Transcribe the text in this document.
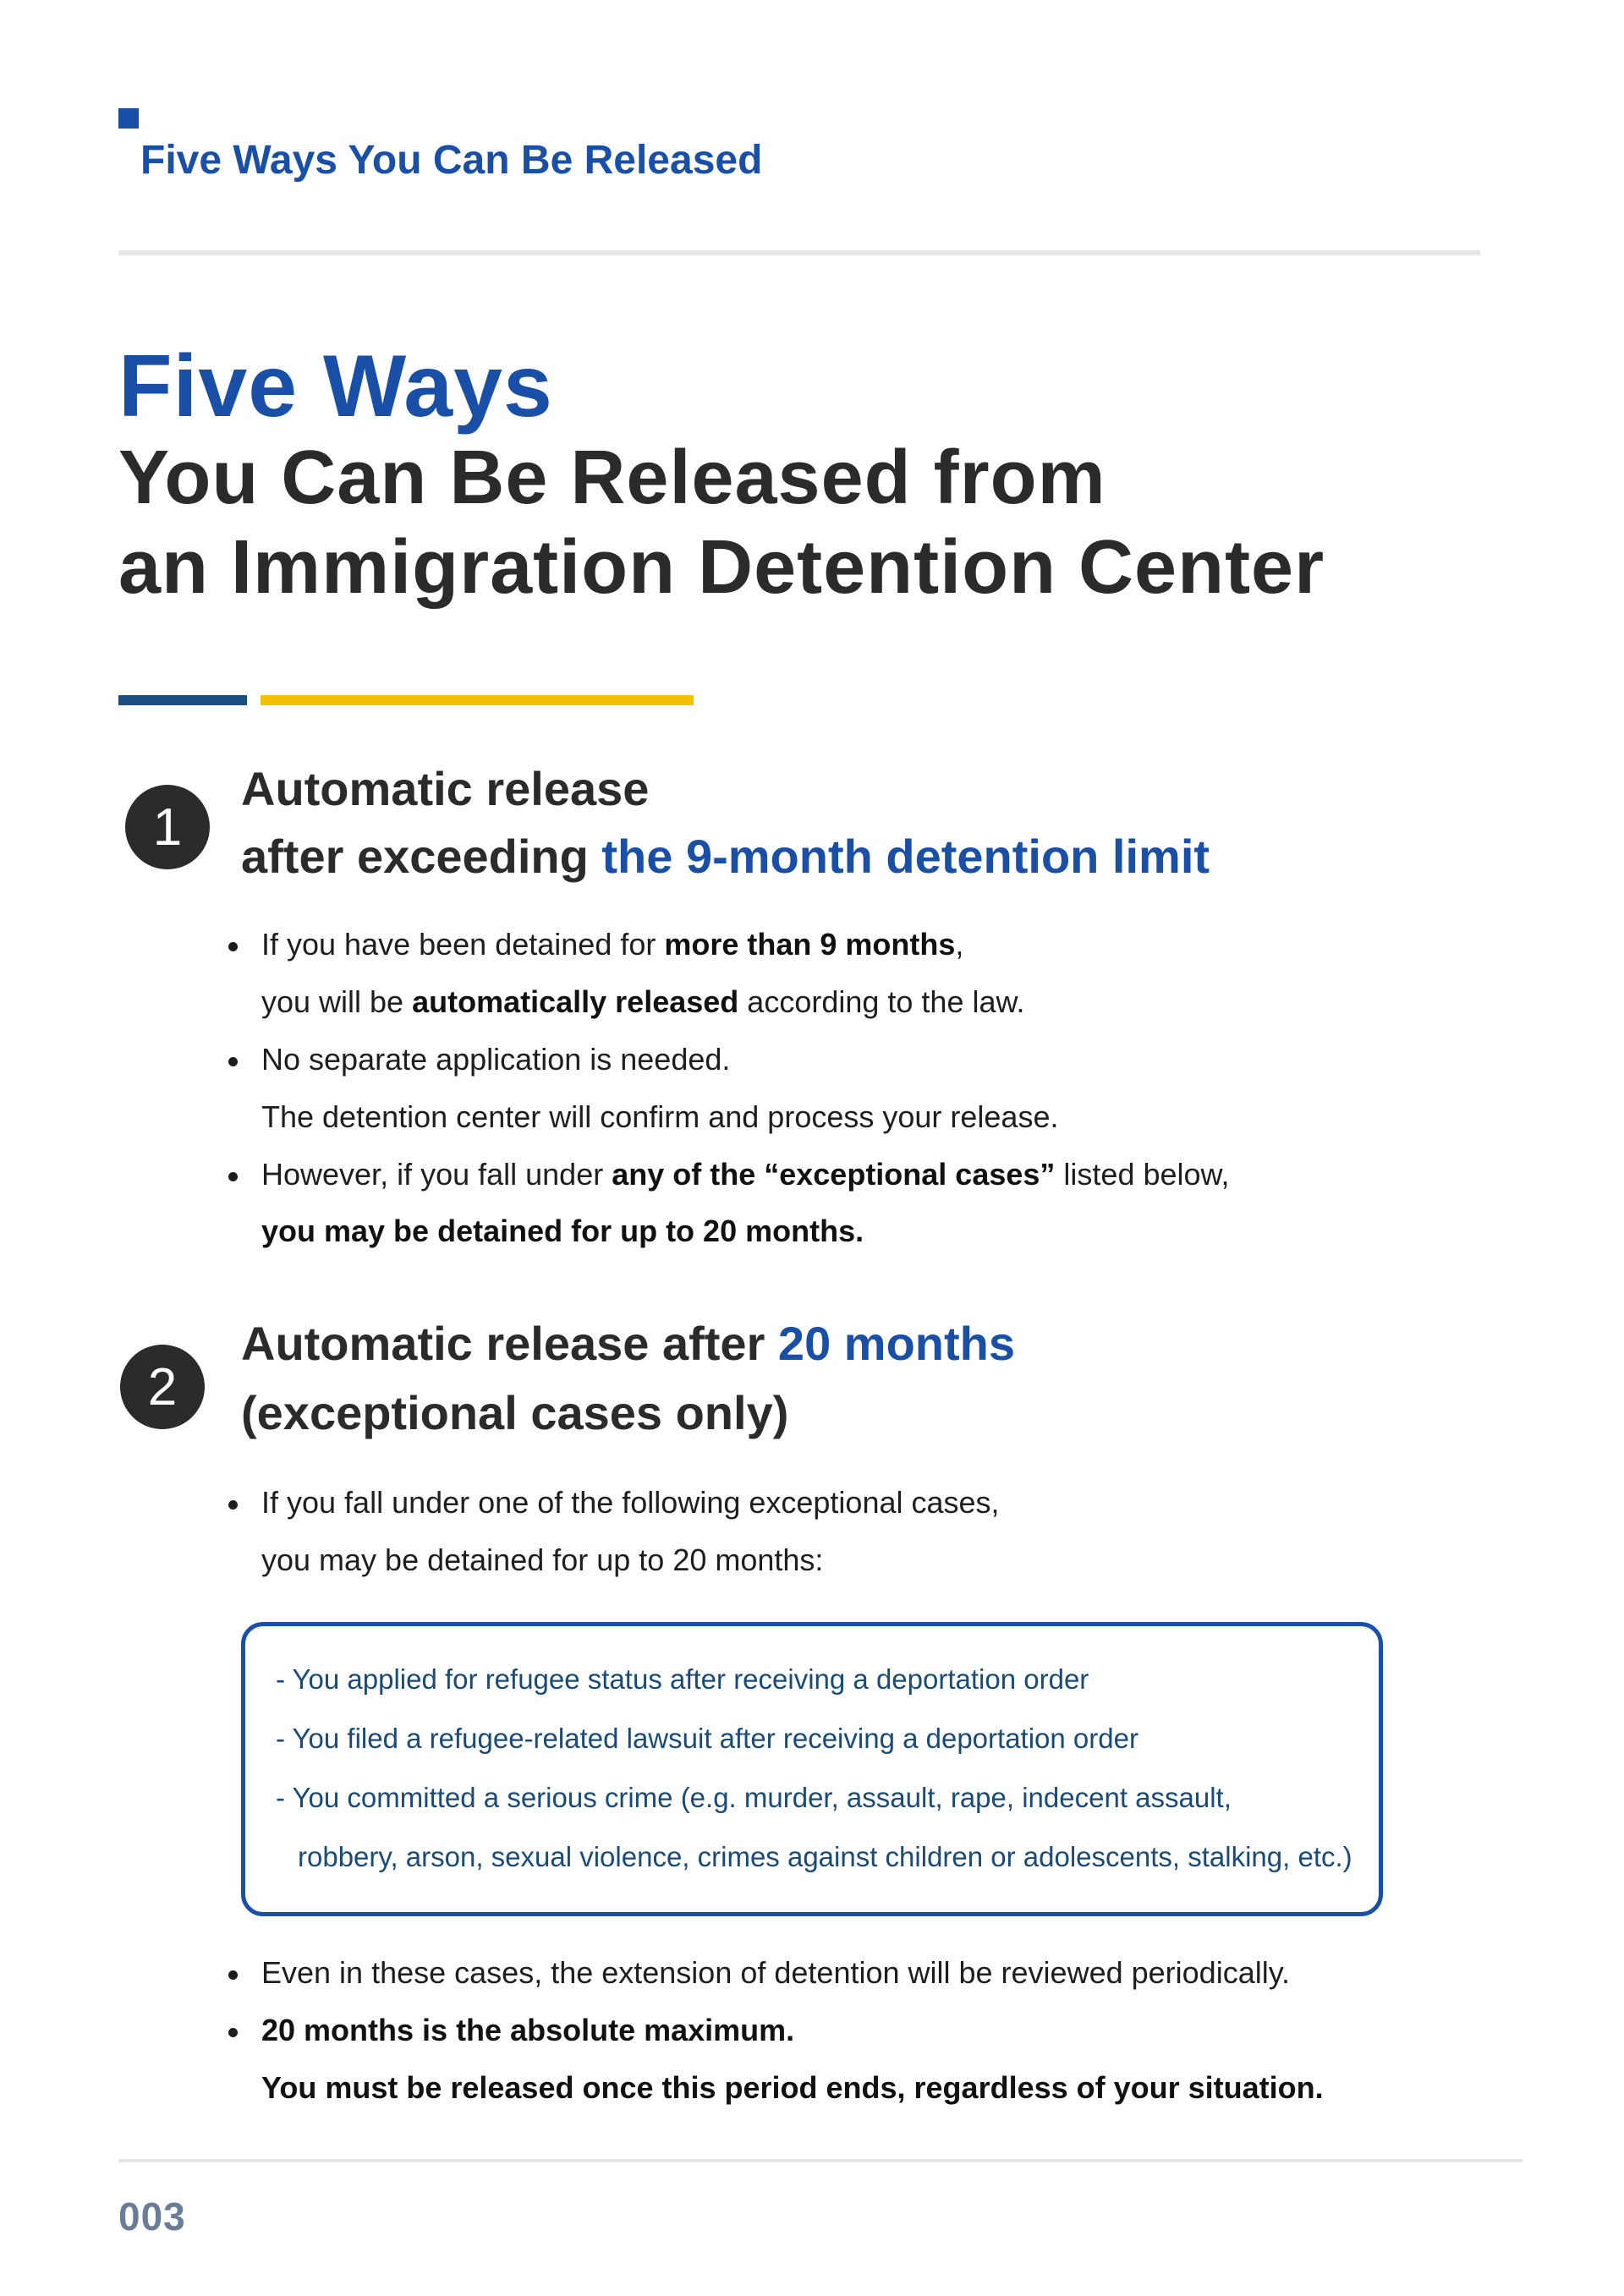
Five Ways You Can Be Released
Five Ways
You Can Be Released from
an Immigration Detention Center
1
Automatic release
after exceeding the 9-month detention limit
If you have been detained for more than 9 months,
you will be automatically released according to the law.
No separate application is needed.
The detention center will confirm and process your release.
However, if you fall under any of the “exceptional cases” listed below,
you may be detained for up to 20 months.
2
Automatic release after 20 months
(exceptional cases only)
If you fall under one of the following exceptional cases,
you may be detained for up to 20 months:
- You applied for refugee status after receiving a deportation order
- You filed a refugee-related lawsuit after receiving a deportation order
- You committed a serious crime (e.g. murder, assault, rape, indecent assault,
robbery, arson, sexual violence, crimes against children or adolescents, stalking, etc.)
Even in these cases, the extension of detention will be reviewed periodically.
20 months is the absolute maximum.
You must be released once this period ends, regardless of your situation.
003
